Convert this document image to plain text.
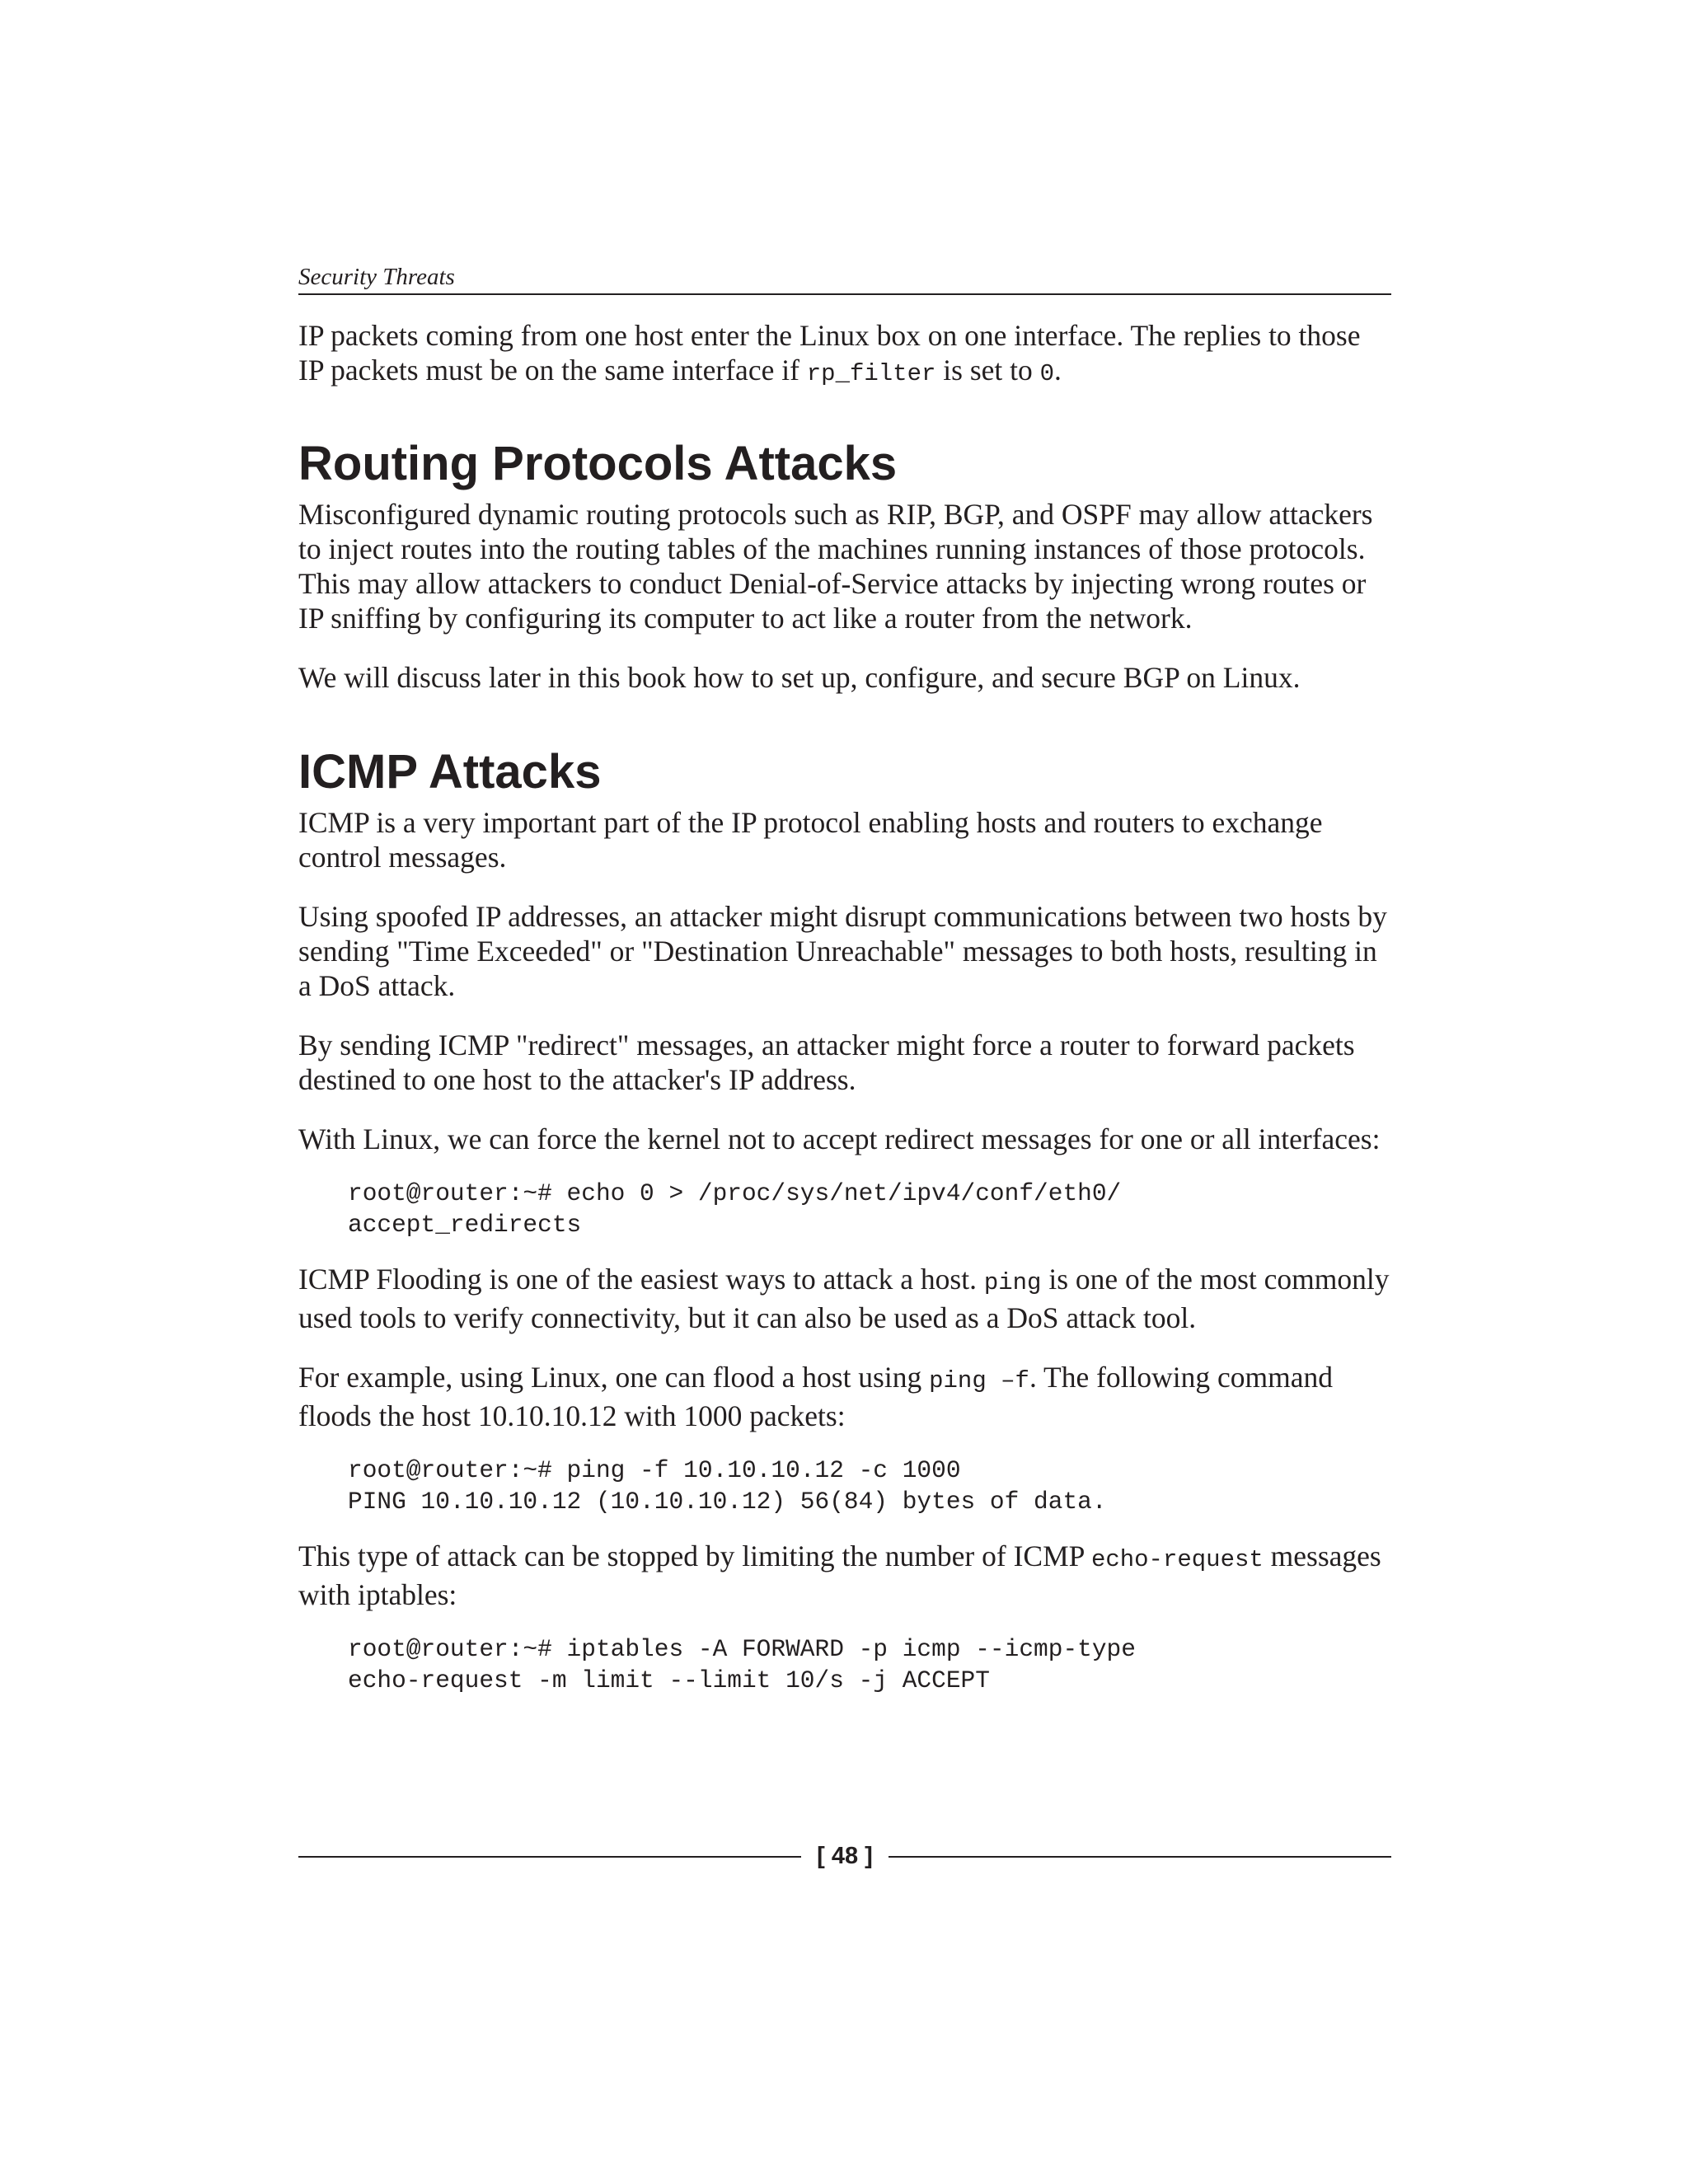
Security Threats

IP packets coming from one host enter the Linux box on one interface. The replies to those IP packets must be on the same interface if rp_filter is set to 0.

Routing Protocols Attacks

Misconfigured dynamic routing protocols such as RIP, BGP, and OSPF may allow attackers to inject routes into the routing tables of the machines running instances of those protocols. This may allow attackers to conduct Denial-of-Service attacks by injecting wrong routes or IP sniffing by configuring its computer to act like a router from the network.

We will discuss later in this book how to set up, configure, and secure BGP on Linux.

ICMP Attacks

ICMP is a very important part of the IP protocol enabling hosts and routers to exchange control messages.

Using spoofed IP addresses, an attacker might disrupt communications between two hosts by sending "Time Exceeded" or "Destination Unreachable" messages to both hosts, resulting in a DoS attack.

By sending ICMP "redirect" messages, an attacker might force a router to forward packets destined to one host to the attacker's IP address.

With Linux, we can force the kernel not to accept redirect messages for one or all interfaces:

root@router:~# echo 0 > /proc/sys/net/ipv4/conf/eth0/
accept_redirects

ICMP Flooding is one of the easiest ways to attack a host. ping is one of the most commonly used tools to verify connectivity, but it can also be used as a DoS attack tool.

For example, using Linux, one can flood a host using ping –f. The following command floods the host 10.10.10.12 with 1000 packets:

root@router:~# ping -f 10.10.10.12 -c 1000
PING 10.10.10.12 (10.10.10.12) 56(84) bytes of data.

This type of attack can be stopped by limiting the number of ICMP echo-request messages with iptables:

root@router:~# iptables -A FORWARD -p icmp --icmp-type
echo-request -m limit --limit 10/s -j ACCEPT
[ 48 ]
